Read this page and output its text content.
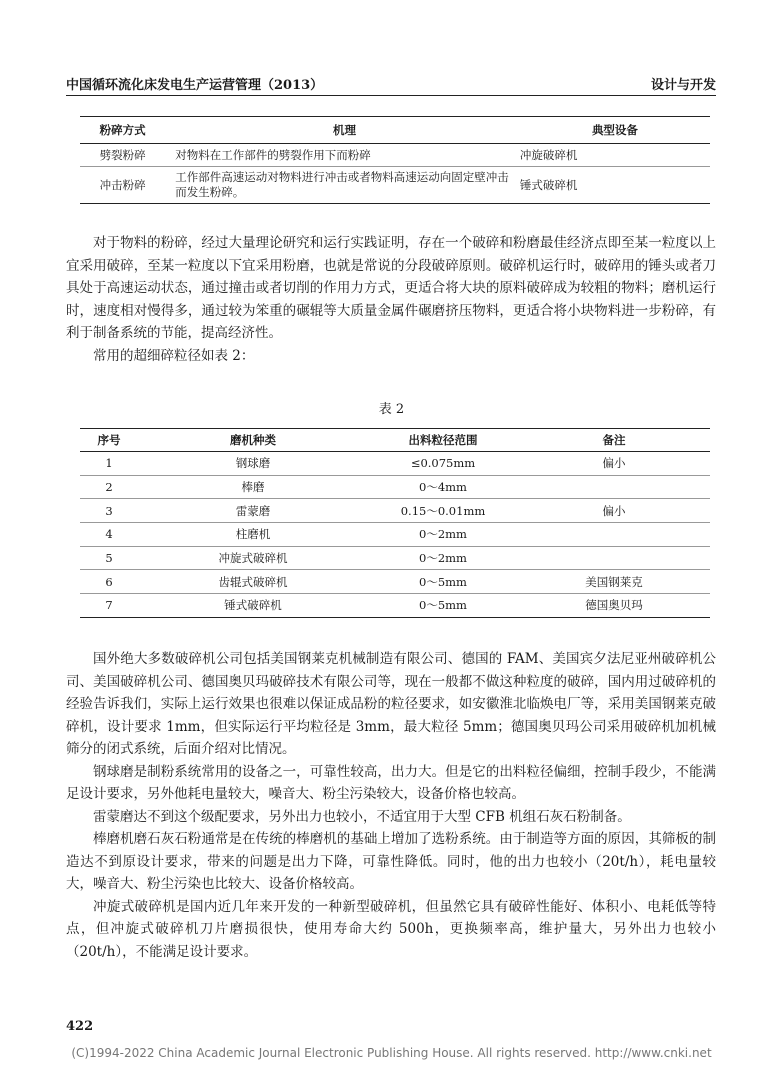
中国循环流化床发电生产运营管理（2013）	设计与开发
粉碎方式	机理	典型设备
劈裂粉碎	对物料在工作部件的劈裂作用下而粉碎	冲旋破碎机
冲击粉碎	工作部件高速运动对物料进行冲击或者物料高速运动向固定壁冲击而发生粉碎。	锤式破碎机

对于物料的粉碎，经过大量理论研究和运行实践证明，存在一个破碎和粉磨最佳经济点即至某一粒度以上宜采用破碎，至某一粒度以下宜采用粉磨，也就是常说的分段破碎原则。破碎机运行时，破碎用的锤头或者刀具处于高速运动状态，通过撞击或者切削的作用力方式，更适合将大块的原料破碎成为较粗的物料；磨机运行时，速度相对慢得多，通过较为笨重的碾辊等大质量金属件碾磨挤压物料，更适合将小块物料进一步粉碎，有利于制备系统的节能，提高经济性。

常用的超细碎粒径如表 2：

表 2
序号	磨机种类	出料粒径范围	备注
1	钢球磨	≤0.075mm	偏小
2	棒磨	0～4mm	
3	雷蒙磨	0.15～0.01mm	偏小
4	柱磨机	0～2mm	
5	冲旋式破碎机	0～2mm	
6	齿辊式破碎机	0～5mm	美国钢莱克
7	锤式破碎机	0～5mm	德国奥贝玛

国外绝大多数破碎机公司包括美国钢莱克机械制造有限公司、德国的 FAM、美国宾夕法尼亚州破碎机公司、美国破碎机公司、德国奥贝玛破碎技术有限公司等，现在一般都不做这种粒度的破碎，国内用过破碎机的经验告诉我们，实际上运行效果也很难以保证成品粉的粒径要求，如安徽淮北临焕电厂等，采用美国钢莱克破碎机，设计要求 1mm，但实际运行平均粒径是 3mm，最大粒径 5mm；德国奥贝玛公司采用破碎机加机械筛分的闭式系统，后面介绍对比情况。

钢球磨是制粉系统常用的设备之一，可靠性较高，出力大。但是它的出料粒径偏细，控制手段少，不能满足设计要求，另外他耗电量较大，噪音大、粉尘污染较大，设备价格也较高。

雷蒙磨达不到这个级配要求，另外出力也较小，不适宜用于大型 CFB 机组石灰石粉制备。

棒磨机磨石灰石粉通常是在传统的棒磨机的基础上增加了选粉系统。由于制造等方面的原因，其筛板的制造达不到原设计要求，带来的问题是出力下降，可靠性降低。同时，他的出力也较小（20t/h），耗电量较大，噪音大、粉尘污染也比较大、设备价格较高。

冲旋式破碎机是国内近几年来开发的一种新型破碎机，但虽然它具有破碎性能好、体积小、电耗低等特点，但冲旋式破碎机刀片磨损很快，使用寿命大约 500h，更换频率高，维护量大，另外出力也较小（20t/h），不能满足设计要求。

422
(C)1994-2022 China Academic Journal Electronic Publishing House. All rights reserved. http://www.cnki.net
